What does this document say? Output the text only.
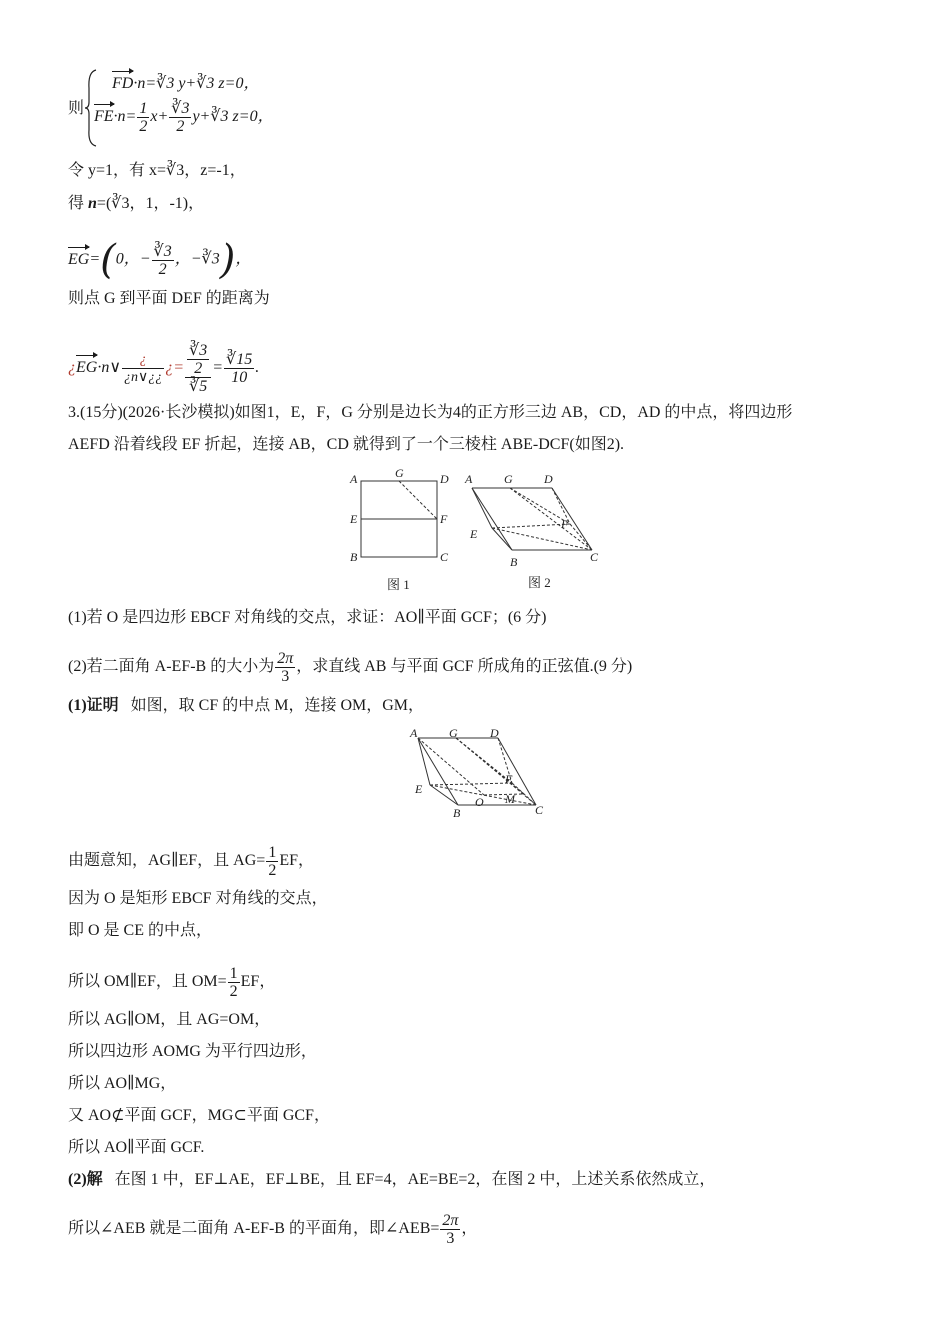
则
FD·n=∛3 y+∛3 z=0，
$FE\cdot n= \frac{1}{2} x+ \frac{∛3}{2}$ y+∛3 z=0，
令 y=1，有 x=∛3，z=-1，
得 n=(∛3，1，-1)，
EG=(0，− $\frac{∛3}{2}$ ，−∛3)，
则点 G 到平面 DEF 的距离为
¿EG·n∨ $\frac{¿}{¿n\vee¿¿}$ ¿= $\frac{\frac{∛3}{2}}{∛5} = \frac{∛15}{10}$ .
3.(15分)(2026·长沙模拟)如图1，E，F，G 分别是边长为4的正方形三边 AB，CD，AD 的中点，将四边形
AEFD 沿着线段 EF 折起，连接 AB，CD 就得到了一个三棱柱 ABE-DCF(如图2).
A	G	D
E	F
B	C
图 1
A	G	D
E
F
B	C
图 2
(1)若 O 是四边形 EBCF 对角线的交点，求证：AO∥平面 GCF；(6 分)
(2)若二面角 A-EF-B 的大小为 $\frac{2\pi}{3}$ ，求直线 AB 与平面 GCF 所成角的正弦值.(9 分)
(1)证明 如图，取 CF 的中点 M，连接 OM，GM，
A	G	D
E
F
O M
B	C
由题意知，AG∥EF，且 $AG= \frac{1}{2}$ EF，
因为 O 是矩形 EBCF 对角线的交点，
即 O 是 CE 的中点，
所以 OM∥EF，且 $OM= \frac{1}{2}$ EF，
所以 AG∥OM，且 AG=OM，
所以四边形 AOMG 为平行四边形，
所以 AO∥MG，
又 AO⊄平面 GCF，MG⊂平面 GCF，
所以 AO∥平面 GCF.
(2)解 在图 1 中，EF⊥AE，EF⊥BE，且 EF=4，AE=BE=2，在图 2 中，上述关系依然成立，
所以∠AEB 就是二面角 A-EF-B 的平面角，即∠AEB= $\frac{2\pi}{3}$ ，
